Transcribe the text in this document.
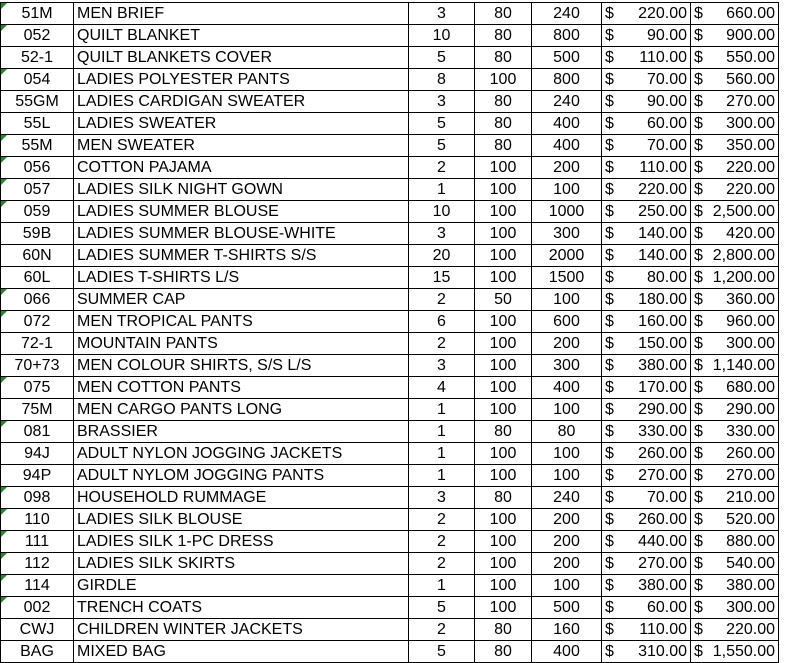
51M	MEN BRIEF	3	80	240	$ 220.00	$ 660.00

052	QUILT BLANKET	10	80	800	$ 90.00	$ 900.00

52-1	QUILT BLANKETS COVER	5	80	500	$ 110.00	$ 550.00

054	LADIES POLYESTER PANTS	8	100	800	$ 70.00	$ 560.00

55GM	LADIES CARDIGAN SWEATER	3	80	240	$ 90.00	$ 270.00

55L	LADIES SWEATER	5	80	400	$ 60.00	$ 300.00

55M	MEN SWEATER	5	80	400	$ 70.00	$ 350.00

056	COTTON PAJAMA	2	100	200	$ 110.00	$ 220.00

057	LADIES SILK NIGHT GOWN	1	100	100	$ 220.00	$ 220.00

059	LADIES SUMMER BLOUSE	10	100	1000	$ 250.00	$ 2,500.00

59B	LADIES SUMMER BLOUSE-WHITE	3	100	300	$ 140.00	$ 420.00

60N	LADIES SUMMER T-SHIRTS S/S	20	100	2000	$ 140.00	$ 2,800.00

60L	LADIES T-SHIRTS L/S	15	100	1500	$ 80.00	$ 1,200.00

066	SUMMER CAP	2	50	100	$ 180.00	$ 360.00

072	MEN TROPICAL PANTS	6	100	600	$ 160.00	$ 960.00

72-1	MOUNTAIN PANTS	2	100	200	$ 150.00	$ 300.00

70+73	MEN COLOUR SHIRTS, S/S L/S	3	100	300	$ 380.00	$ 1,140.00

075	MEN COTTON PANTS	4	100	400	$ 170.00	$ 680.00

75M	MEN CARGO PANTS LONG	1	100	100	$ 290.00	$ 290.00

081	BRASSIER	1	80	80	$ 330.00	$ 330.00

94J	ADULT NYLON JOGGING JACKETS	1	100	100	$ 260.00	$ 260.00

94P	ADULT NYLOM JOGGING PANTS	1	100	100	$ 270.00	$ 270.00

098	HOUSEHOLD RUMMAGE	3	80	240	$ 70.00	$ 210.00

110	LADIES SILK BLOUSE	2	100	200	$ 260.00	$ 520.00

111	LADIES SILK 1-PC DRESS	2	100	200	$ 440.00	$ 880.00

112	LADIES SILK SKIRTS	2	100	200	$ 270.00	$ 540.00

114	GIRDLE	1	100	100	$ 380.00	$ 380.00

002	TRENCH COATS	5	100	500	$ 60.00	$ 300.00

CWJ	CHILDREN WINTER JACKETS	2	80	160	$ 110.00	$ 220.00

BAG	MIXED BAG	5	80	400	$ 310.00	$ 1,550.00
